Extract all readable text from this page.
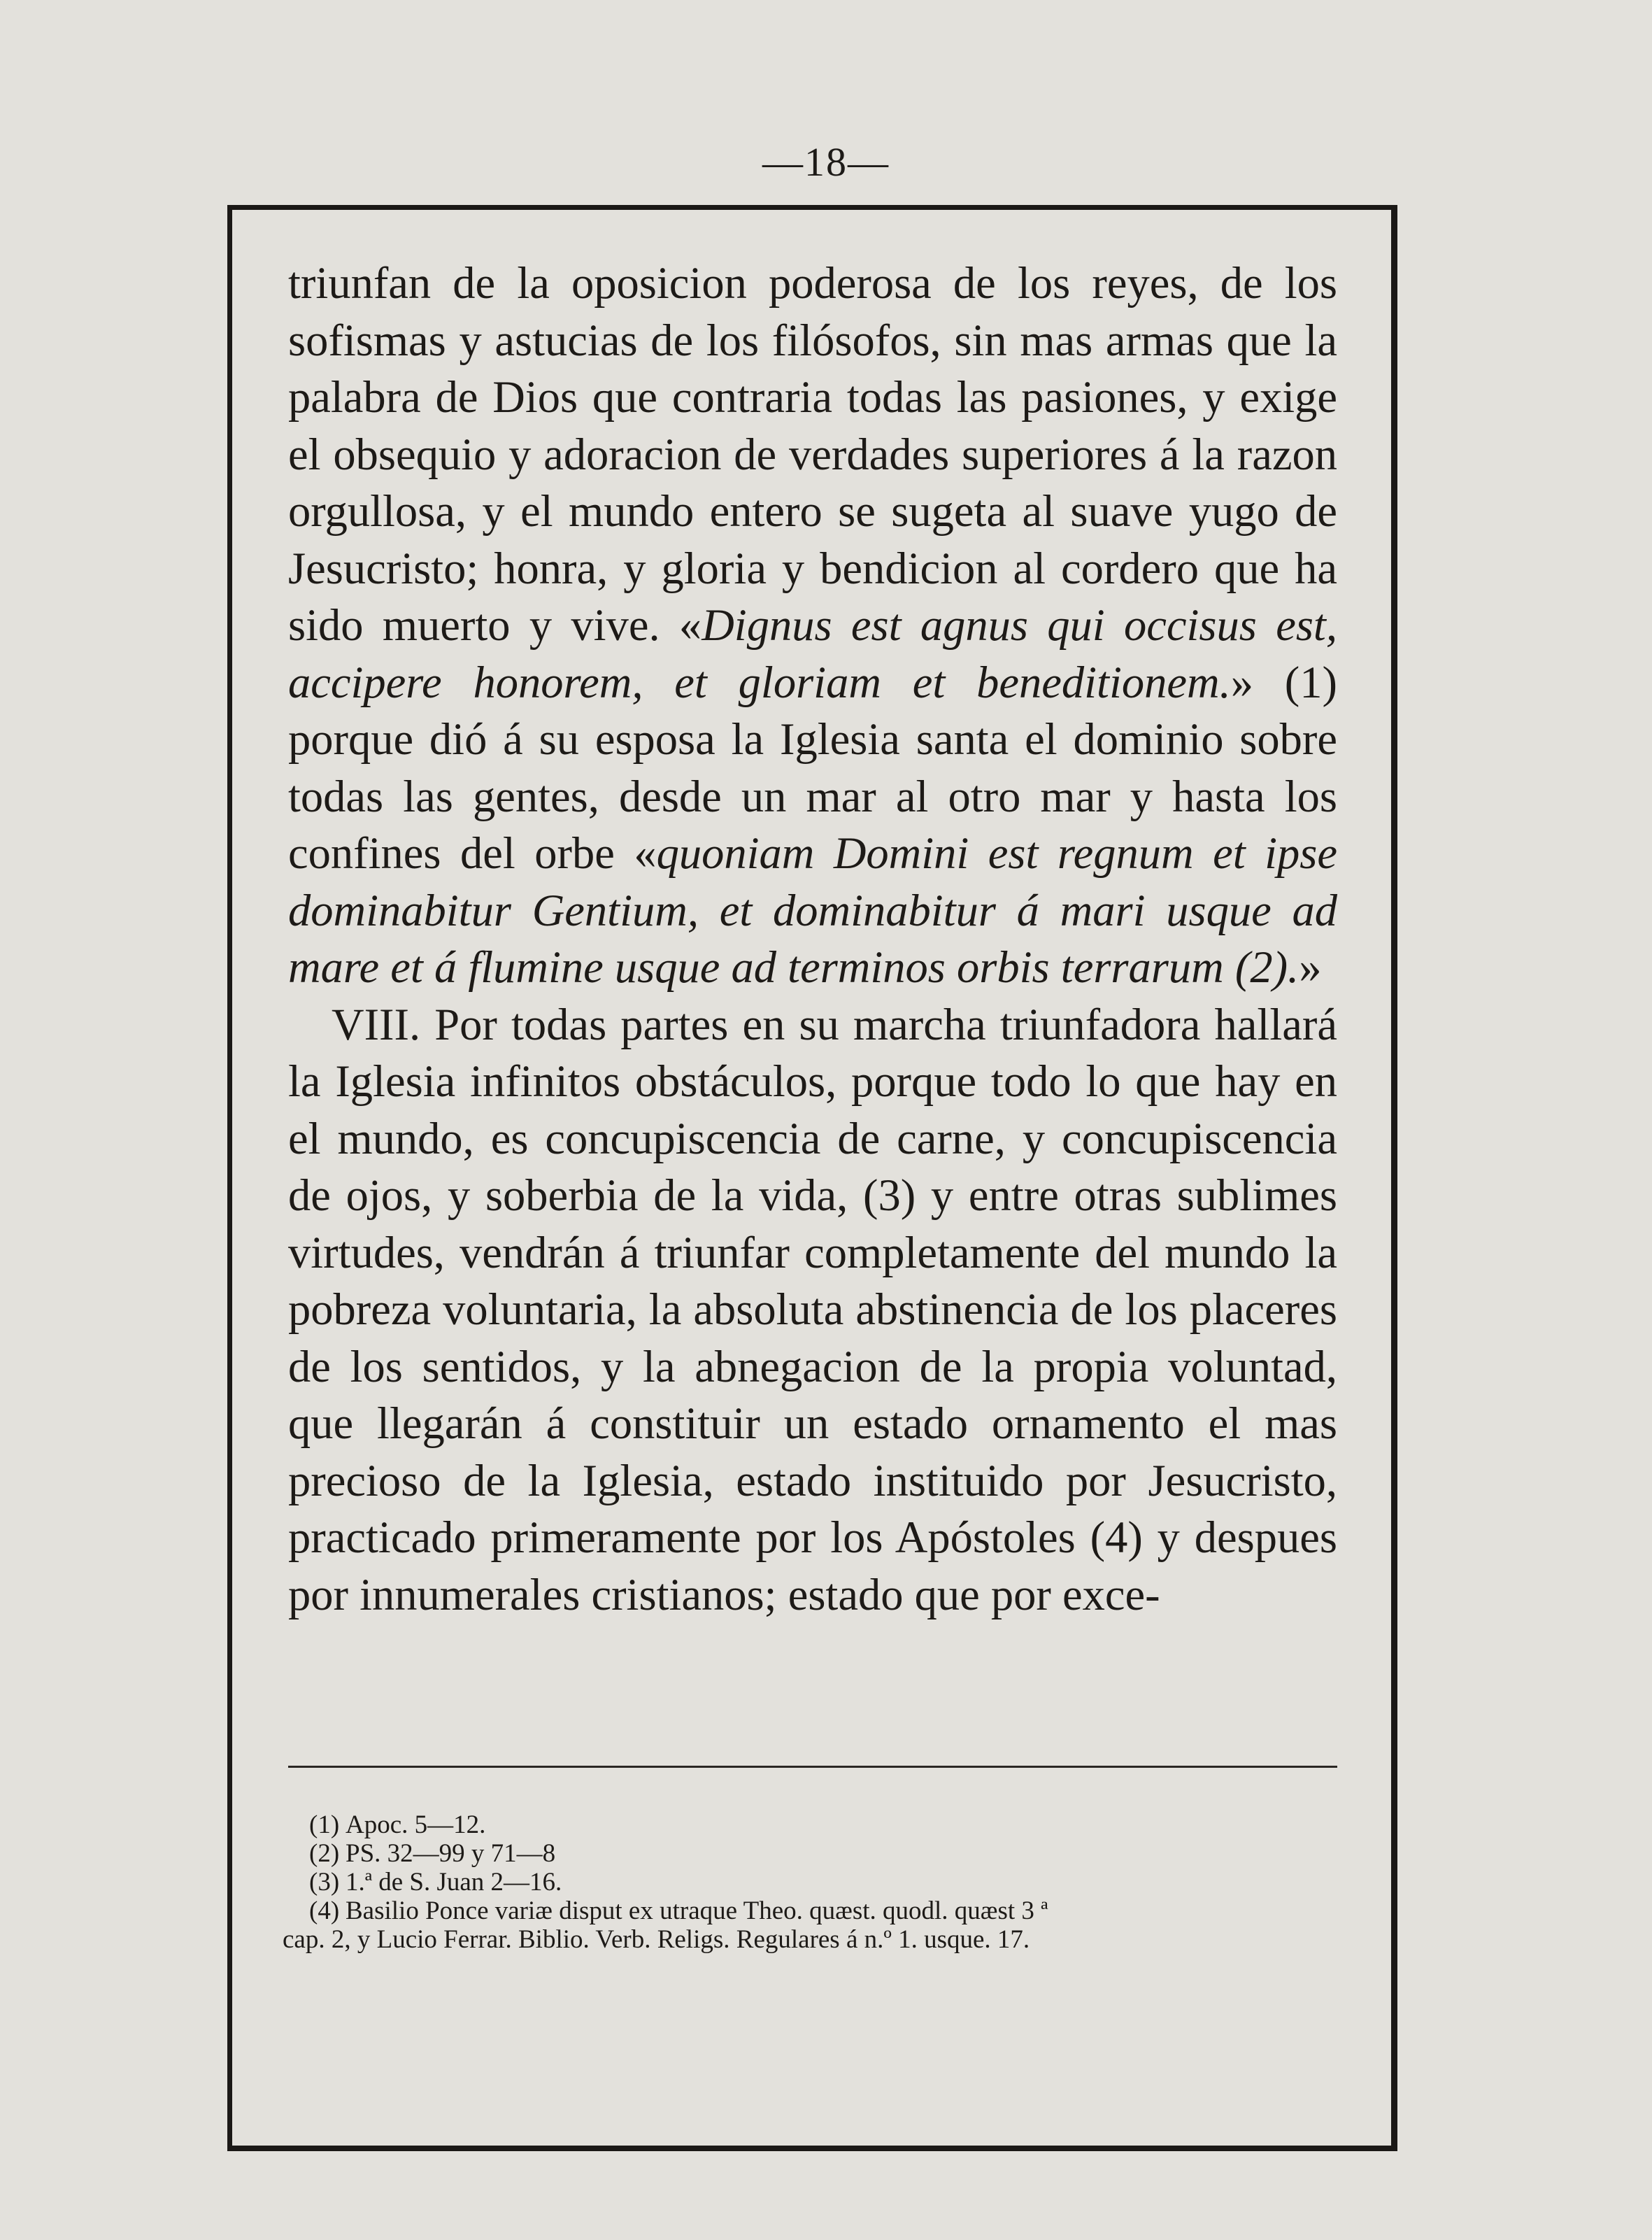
—18—

triunfan de la oposicion poderosa de los reyes, de los sofismas y astucias de los filósofos, sin mas armas que la palabra de Dios que contraria todas las pasiones, y exige el obsequio y adoracion de verdades superiores á la razon orgullosa, y el mundo entero se sugeta al suave yugo de Jesucristo; honra, y gloria y bendicion al cordero que ha sido muerto y vive. «Dignus est agnus qui occisus est, accipere honorem, et gloriam et beneditionem.» (1) porque dió á su esposa la Iglesia santa el dominio sobre todas las gentes, desde un mar al otro mar y hasta los confines del orbe «quoniam Domini est regnum et ipse dominabitur Gentium, et dominabitur á mari usque ad mare et á flumine usque ad terminos orbis terrarum (2).»

VIII. Por todas partes en su marcha triunfadora hallará la Iglesia infinitos obstáculos, porque todo lo que hay en el mundo, es concupiscencia de carne, y concupiscencia de ojos, y soberbia de la vida, (3) y entre otras sublimes virtudes, vendrán á triunfar completamente del mundo la pobreza voluntaria, la absoluta abstinencia de los placeres de los sentidos, y la abnegacion de la propia voluntad, que llegarán á constituir un estado ornamento el mas precioso de la Iglesia, estado instituido por Jesucristo, practicado primeramente por los Apóstoles (4) y despues por innumerales cristianos; estado que por exce-

(1) Apoc. 5—12.

(2) PS. 32—99 y 71—8

(3) 1.ª de S. Juan 2—16.

(4) Basilio Ponce variæ disput ex utraque Theo. quæst. quodl. quæst 3 ª

cap. 2, y Lucio Ferrar. Biblio. Verb. Religs. Regulares á n.º 1. usque. 17.
